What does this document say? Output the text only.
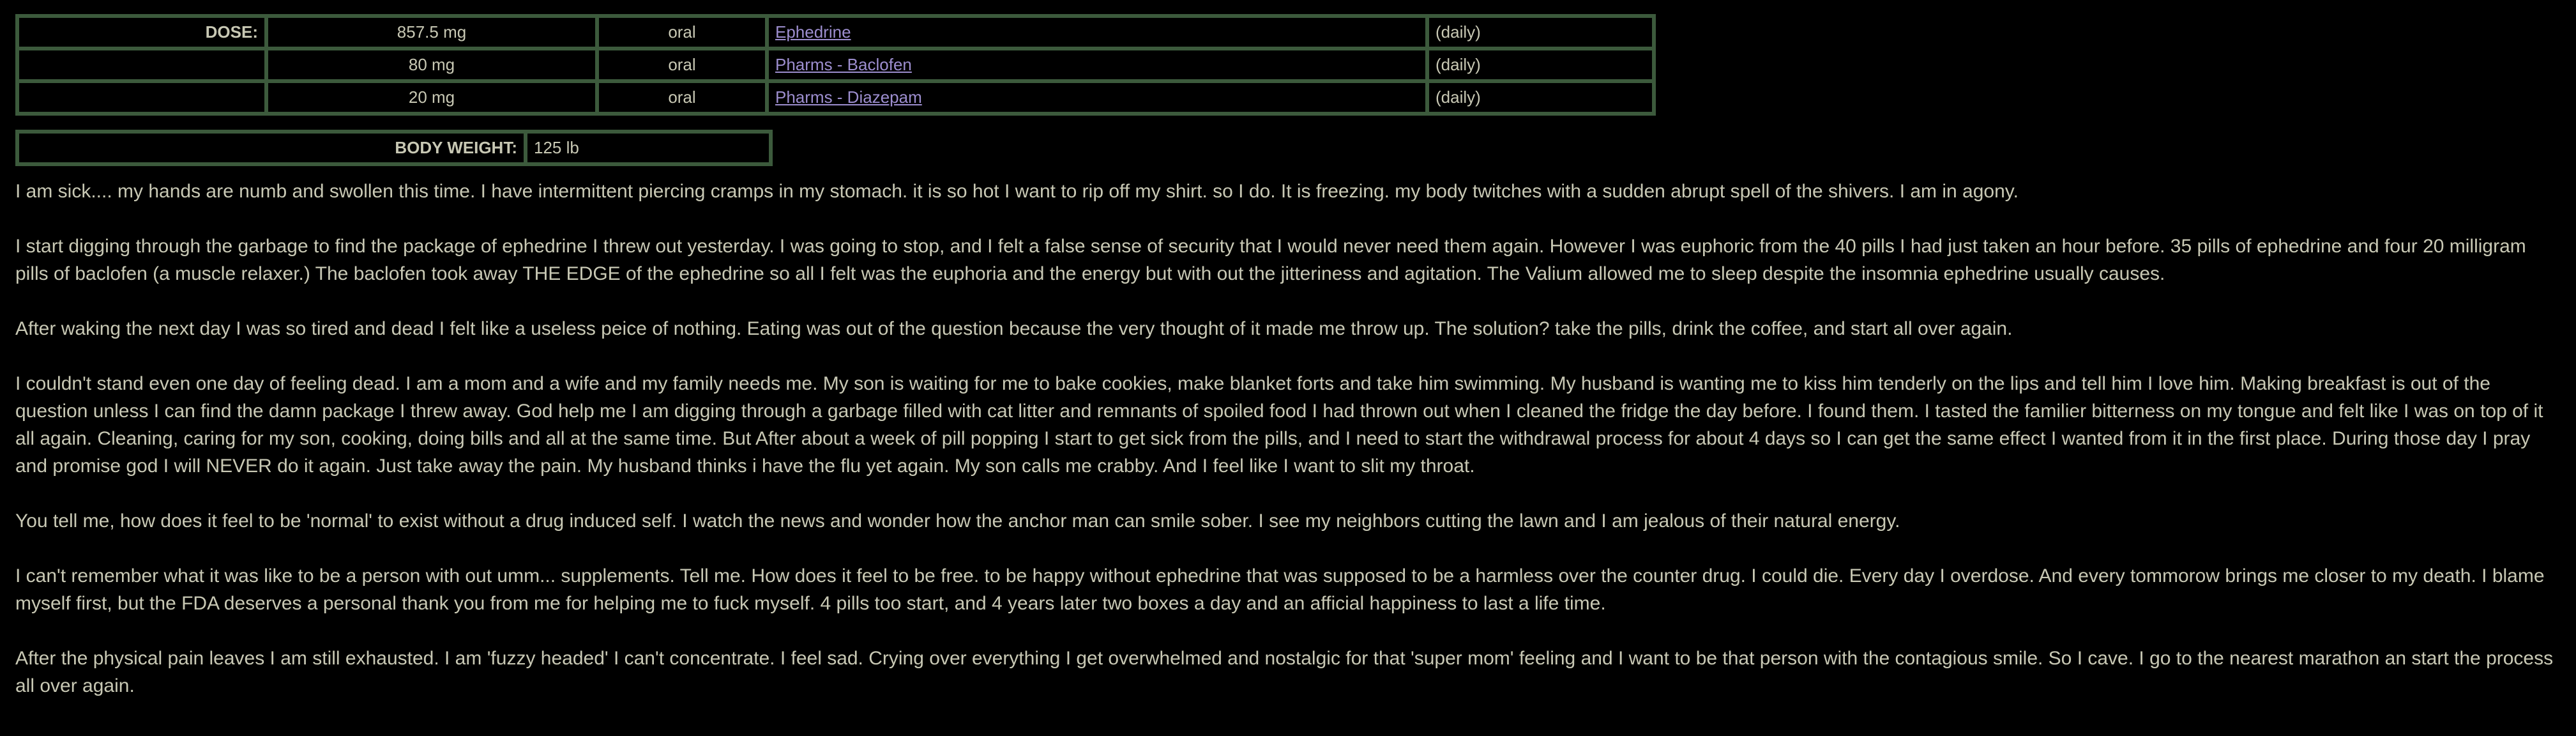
DOSE:	857.5 mg	oral	Ephedrine	(daily)
	80 mg	oral	Pharms - Baclofen	(daily)
	20 mg	oral	Pharms - Diazepam	(daily)
BODY WEIGHT:	125 lb

I am sick.... my hands are numb and swollen this time. I have intermittent piercing cramps in my stomach. it is so hot I want to rip off my shirt. so I do. It is freezing. my body twitches with a sudden abrupt spell of the shivers. I am in agony.

I start digging through the garbage to find the package of ephedrine I threw out yesterday. I was going to stop, and I felt a false sense of security that I would never need them again. However I was euphoric from the 40 pills I had just taken an hour before. 35 pills of ephedrine and four 20 milligram pills of baclofen (a muscle relaxer.) The baclofen took away THE EDGE of the ephedrine so all I felt was the euphoria and the energy but with out the jitteriness and agitation. The Valium allowed me to sleep despite the insomnia ephedrine usually causes.

After waking the next day I was so tired and dead I felt like a useless peice of nothing. Eating was out of the question because the very thought of it made me throw up. The solution? take the pills, drink the coffee, and start all over again.

I couldn't stand even one day of feeling dead. I am a mom and a wife and my family needs me. My son is waiting for me to bake cookies, make blanket forts and take him swimming. My husband is wanting me to kiss him tenderly on the lips and tell him I love him. Making breakfast is out of the question unless I can find the damn package I threw away. God help me I am digging through a garbage filled with cat litter and remnants of spoiled food I had thrown out when I cleaned the fridge the day before. I found them. I tasted the familier bitterness on my tongue and felt like I was on top of it all again. Cleaning, caring for my son, cooking, doing bills and all at the same time. But After about a week of pill popping I start to get sick from the pills, and I need to start the withdrawal process for about 4 days so I can get the same effect I wanted from it in the first place. During those day I pray and promise god I will NEVER do it again. Just take away the pain. My husband thinks i have the flu yet again. My son calls me crabby. And I feel like I want to slit my throat.

You tell me, how does it feel to be 'normal' to exist without a drug induced self. I watch the news and wonder how the anchor man can smile sober. I see my neighbors cutting the lawn and I am jealous of their natural energy.

I can't remember what it was like to be a person with out umm... supplements. Tell me. How does it feel to be free. to be happy without ephedrine that was supposed to be a harmless over the counter drug. I could die. Every day I overdose. And every tommorow brings me closer to my death. I blame myself first, but the FDA deserves a personal thank you from me for helping me to fuck myself. 4 pills too start, and 4 years later two boxes a day and an afficial happiness to last a life time.

After the physical pain leaves I am still exhausted. I am 'fuzzy headed' I can't concentrate. I feel sad. Crying over everything I get overwhelmed and nostalgic for that 'super mom' feeling and I want to be that person with the contagious smile. So I cave. I go to the nearest marathon an start the process all over again.
